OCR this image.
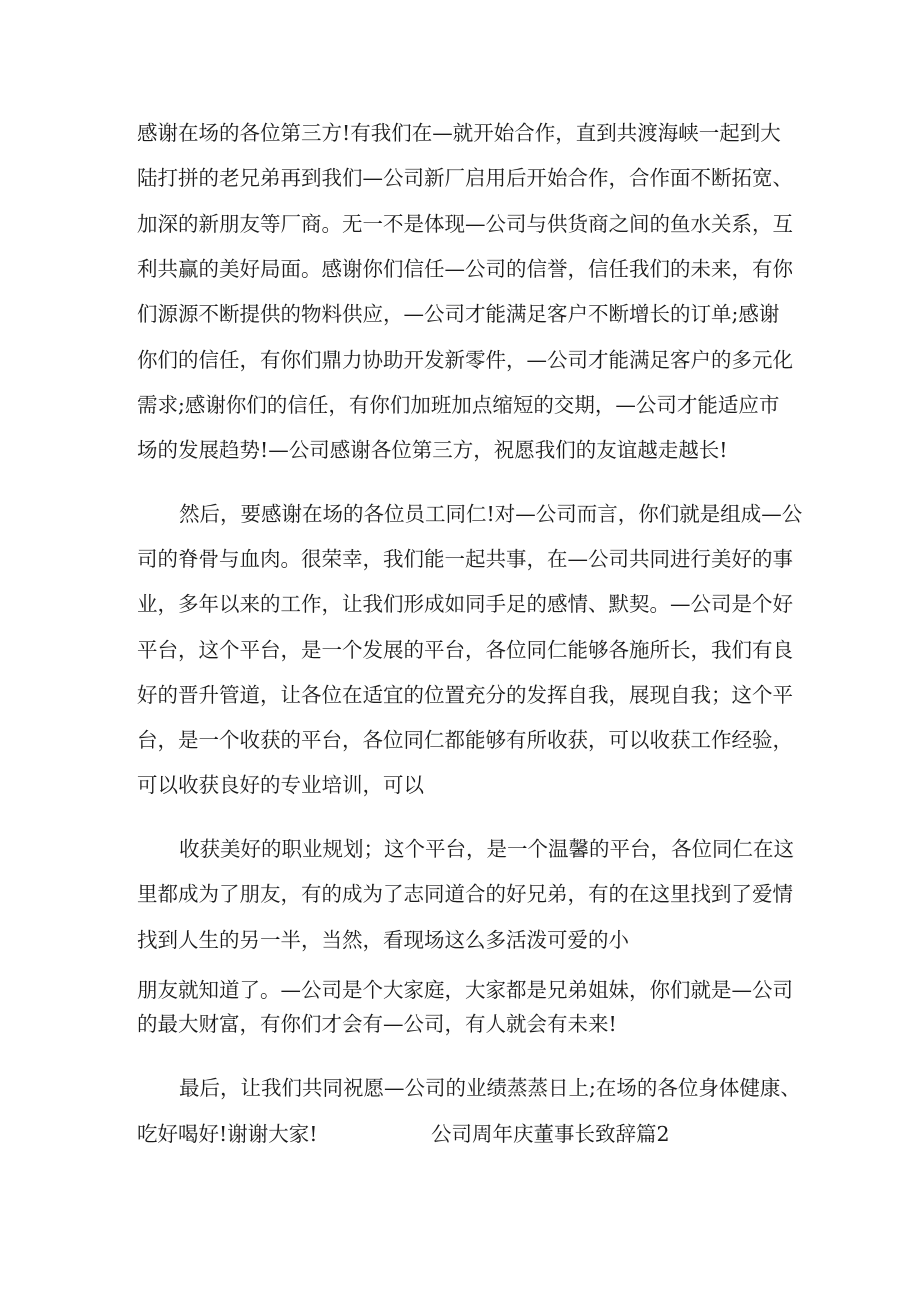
感谢在场的各位第三方!有我们在—就开始合作，直到共渡海峡一起到大

陆打拼的老兄弟再到我们—公司新厂启用后开始合作，合作面不断拓宽、

加深的新朋友等厂商。无一不是体现—公司与供货商之间的鱼水关系，互

利共赢的美好局面。感谢你们信任—公司的信誉，信任我们的未来，有你

们源源不断提供的物料供应，—公司才能满足客户不断增长的订单;感谢

你们的信任，有你们鼎力协助开发新零件，—公司才能满足客户的多元化

需求;感谢你们的信任，有你们加班加点缩短的交期，—公司才能适应市

场的发展趋势!—公司感谢各位第三方，祝愿我们的友谊越走越长!

然后，要感谢在场的各位员工同仁!对—公司而言，你们就是组成—公

司的脊骨与血肉。很荣幸，我们能一起共事，在—公司共同进行美好的事

业，多年以来的工作，让我们形成如同手足的感情、默契。—公司是个好

平台，这个平台，是一个发展的平台，各位同仁能够各施所长，我们有良

好的晋升管道，让各位在适宜的位置充分的发挥自我，展现自我；这个平

台，是一个收获的平台，各位同仁都能够有所收获，可以收获工作经验，

可以收获良好的专业培训，可以

收获美好的职业规划；这个平台，是一个温馨的平台，各位同仁在这

里都成为了朋友，有的成为了志同道合的好兄弟，有的在这里找到了爱情

找到人生的另一半，当然，看现场这么多活泼可爱的小

朋友就知道了。—公司是个大家庭，大家都是兄弟姐妹，你们就是—公司

的最大财富，有你们才会有—公司，有人就会有未来!

最后，让我们共同祝愿—公司的业绩蒸蒸日上;在场的各位身体健康、

吃好喝好!谢谢大家!	公司周年庆董事长致辞篇2
